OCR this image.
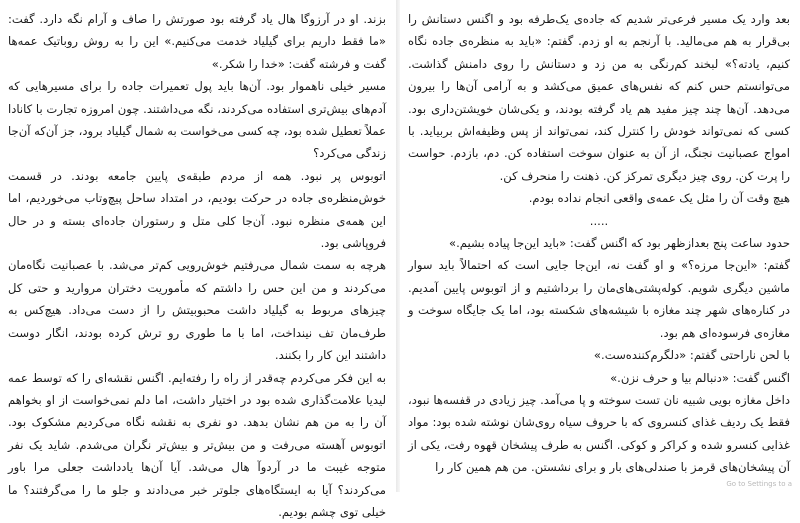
بزند. او در آرزوگا هال یاد گرفته بود صورتش را صاف و آرام نگه دارد. گفت: «ما فقط داریم برای گیلیاد خدمت می‌کنیم.» این را به روش روباتیک عمه‌ها گفت و فرشته گفت: «خدا را شکر.»

مسیر خیلی ناهموار بود. آن‌ها باید پول تعمیرات جاده را برای مسیرهایی که آدم‌های بیش‌تری استفاده می‌کردند، نگه می‌داشتند. چون امروزه تجارت با کانادا عملاً تعطیل شده بود، چه کسی می‌خواست به شمال گیلیاد برود، جز آن‌که آن‌جا زندگی می‌کرد؟

اتوبوس پر نبود. همه از مردم طبقه‌ی پایین جامعه بودند. در قسمت خوش‌منظره‌ی جاده در حرکت بودیم، در امتداد ساحل پیچ‌وتاب می‌خوردیم، اما این همه‌ی منظره نبود. آن‌جا کلی متل و رستوران جاده‌ای بسته و در حال فروپاشی بود.

هرچه به سمت شمال می‌رفتیم خوش‌رویی کم‌تر می‌شد. با عصبانیت نگاه‌مان می‌کردند و من این حس را داشتم که مأموریت دختران مروارید و حتی کل چیزهای مربوط به گیلیاد داشت محبوبیتش را از دست می‌داد. هیچ‌کس به طرف‌مان تف نینداخت، اما با ما طوری رو ترش کرده بودند، انگار دوست داشتند این کار را بکنند.

به این فکر می‌کردم چه‌قدر از راه را رفته‌ایم. اگنس نقشه‌ای را که توسط عمه لیدیا علامت‌گذاری شده بود در اختیار داشت، اما دلم نمی‌خواست از او بخواهم آن را به من هم نشان بدهد. دو نفری به نقشه نگاه می‌کردیم مشکوک بود. اتوبوس آهسته می‌رفت و من بیش‌تر و بیش‌تر نگران می‌شدم. شاید یک نفر متوجه غیبت ما در آردوآ هال می‌شد. آیا آن‌ها یادداشت جعلی مرا باور می‌کردند؟ آیا به ایستگاه‌های جلوتر خبر می‌دادند و جلو ما را می‌گرفتند؟ ما خیلی توی چشم بودیم.

بعد وارد یک مسیر فرعی‌تر شدیم که جاده‌ی یک‌طرفه بود و اگنس دستانش را بی‌قرار به هم می‌مالید. با آرنجم به او زدم. گفتم: «باید به منظره‌ی جاده نگاه کنیم، یادته؟» لبخند کم‌رنگی به من زد و دستانش را روی دامنش گذاشت. می‌توانستم حس کنم که نفس‌های عمیق می‌کشد و به آرامی آن‌ها را بیرون می‌دهد. آن‌ها چند چیز مفید هم یاد گرفته بودند، و یکی‌شان خویشتن‌داری بود. کسی که نمی‌تواند خودش را کنترل کند، نمی‌تواند از پس وظیفه‌اش بربیاید. با امواج عصبانیت نجنگ، از آن به عنوان سوخت استفاده کن. دم، بازدم. حواست را پرت کن. روی چیز دیگری تمرکز کن. ذهنت را منحرف کن.

هیچ وقت آن را مثل یک عمه‌ی واقعی انجام نداده بودم.

.....

حدود ساعت پنج بعدازظهر بود که اگنس گفت: «باید این‌جا پیاده بشیم.»

گفتم: «این‌جا مرزه؟» و او گفت نه، این‌جا جایی است که احتمالاً باید سوار ماشین دیگری شویم. کوله‌پشتی‌های‌مان را برداشتیم و از اتوبوس پایین آمدیم. در کناره‌های شهر چند مغازه با شیشه‌های شکسته بود، اما یک جایگاه سوخت و مغازه‌ی فرسوده‌ای هم بود.

با لحن ناراحتی گفتم: «دلگرم‌کننده‌ست.»

اگنس گفت: «دنبالم بیا و حرف نزن.»

داخل مغازه بویی شبیه نان تست سوخته و پا می‌آمد. چیز زیادی در قفسه‌ها نبود، فقط یک ردیف غذای کنسروی که با حروف سیاه روی‌شان نوشته شده بود: مواد غذایی کنسرو شده و کراکر و کوکی. اگنس به طرف پیشخان قهوه رفت، یکی از آن پیشخان‌های قرمز با صندلی‌های بار و برای نشستن. من هم همین کار را

Go to Settings to a
